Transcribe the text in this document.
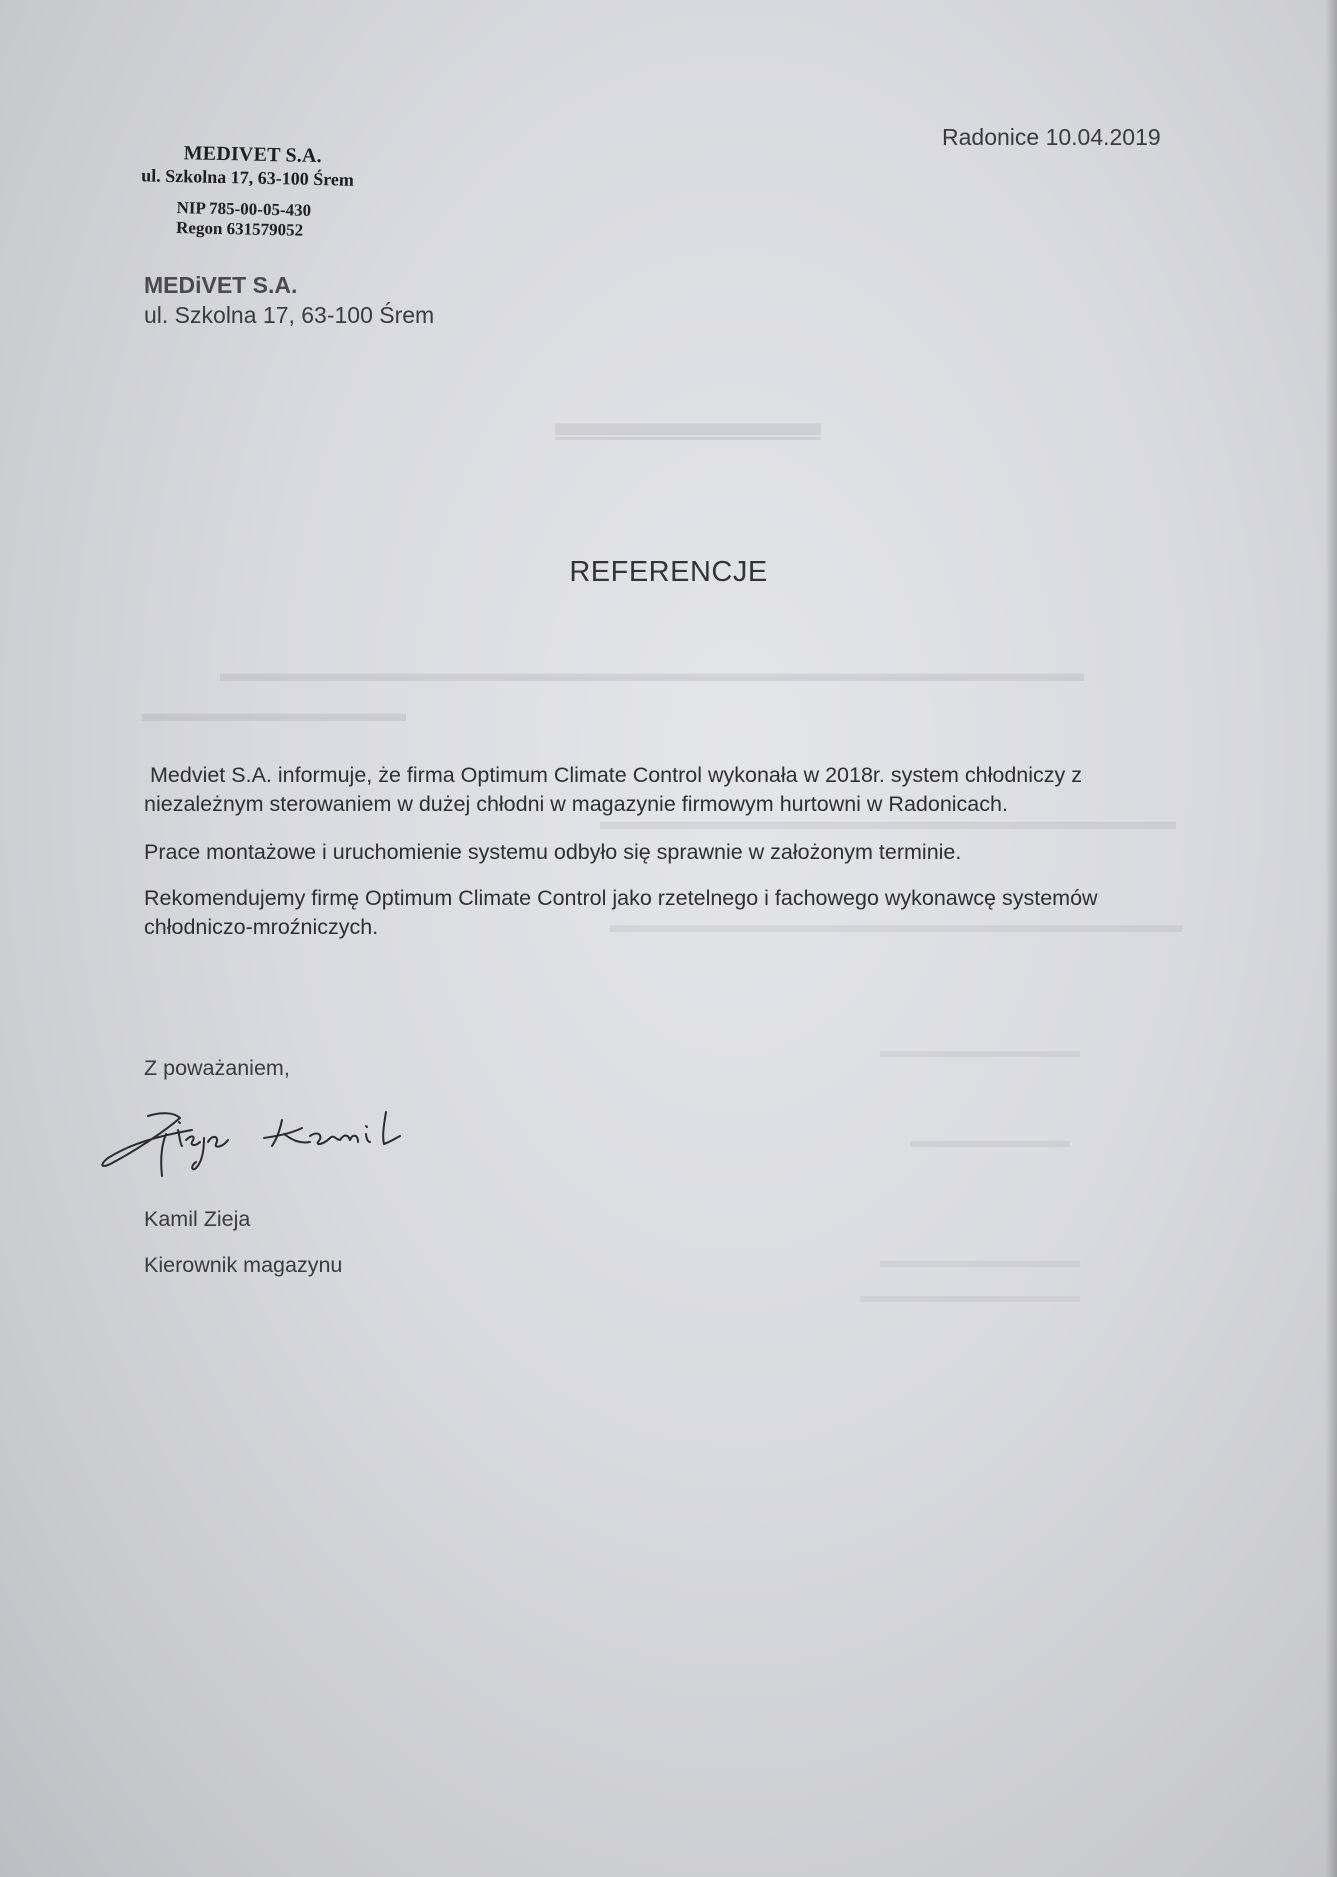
▬▬▬▬▬▬▬
▬▬▬▬▬▬▬▬▬▬▬▬▬▬▬▬▬▬▬▬▬▬▬▬▬▬▬▬▬▬▬▬▬▬▬▬
▬▬▬▬▬▬▬▬▬▬▬
▬▬▬▬▬▬▬▬▬▬▬▬▬▬▬▬▬▬▬▬▬▬▬▬
▬▬▬▬▬▬▬▬▬▬▬▬▬▬▬▬▬▬▬▬▬▬▬▬▬▬
▬▬▬▬▬▬▬▬▬▬
▬▬▬▬▬▬▬▬
▬▬▬▬▬▬▬▬▬▬
▬▬▬▬▬▬▬▬▬▬▬
MEDIVET S.A.
ul. Szkolna 17, 63-100 Śrem
NIP 785-00-05-430
Regon 631579052
Radonice 10.04.2019
MEDiVET S.A.
ul. Szkolna 17, 63-100 Śrem
REFERENCJE
Medviet S.A. informuje, że firma Optimum Climate Control wykonała w 2018r. system chłodniczy z
niezależnym sterowaniem w dużej chłodni w magazynie firmowym hurtowni w Radonicach.
Prace montażowe i uruchomienie systemu odbyło się sprawnie w założonym terminie.
Rekomendujemy firmę Optimum Climate Control jako rzetelnego i fachowego wykonawcę systemów
chłodniczo-mroźniczych.
Z poważaniem,
Kamil Zieja
Kierownik magazynu
